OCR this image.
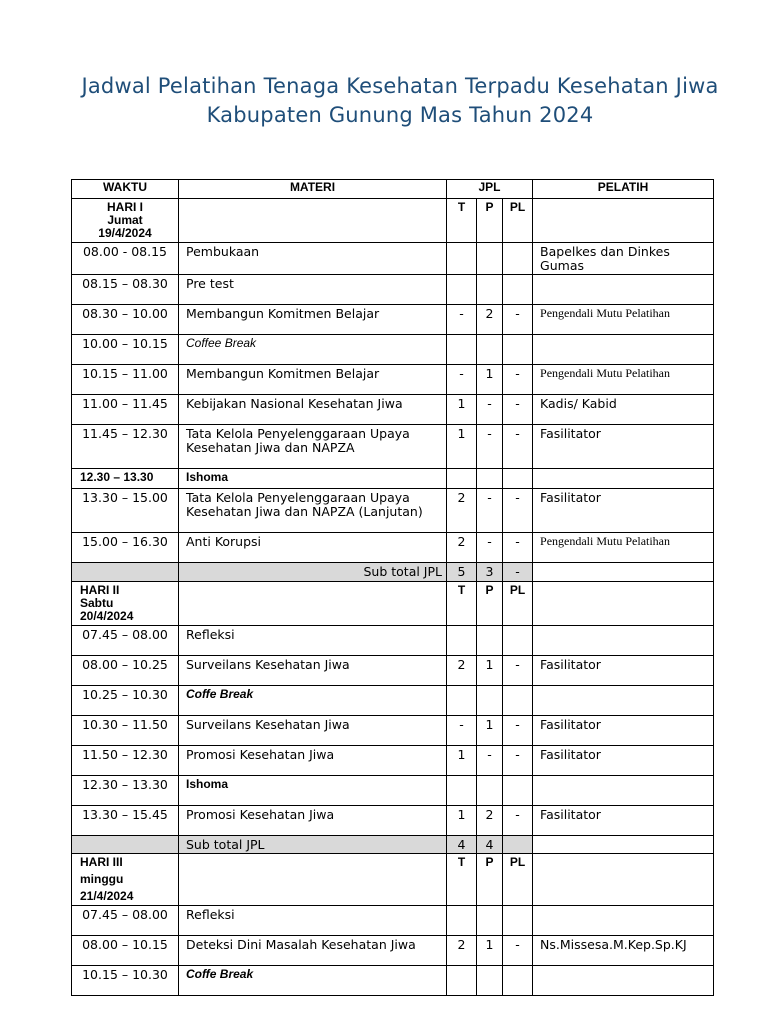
Jadwal Pelatihan Tenaga Kesehatan Terpadu Kesehatan Jiwa
Kabupaten Gunung Mas Tahun 2024
WAKTU	MATERI	JPL			PELATIH

HARI I
Jumat
19/4/2024		T	P	PL	
08.00 - 08.15	Pembukaan				Bapelkes dan Dinkes Gumas
08.15 – 08.30	Pre test				
08.30 – 10.00	Membangun Komitmen Belajar	-	2	-	Pengendali Mutu Pelatihan
10.00 – 10.15	Coffee Break				
10.15 – 11.00	Membangun Komitmen Belajar	-	1	-	Pengendali Mutu Pelatihan
11.00 – 11.45	Kebijakan Nasional Kesehatan Jiwa	1	-	-	Kadis/ Kabid
11.45 – 12.30	Tata Kelola Penyelenggaraan Upaya Kesehatan Jiwa dan NAPZA	1	-	-	Fasilitator
12.30 – 13.30	Ishoma				
13.30 – 15.00	Tata Kelola Penyelenggaraan Upaya Kesehatan Jiwa dan NAPZA (Lanjutan)	2	-	-	Fasilitator
15.00 – 16.30	Anti Korupsi	2	-	-	Pengendali Mutu Pelatihan
	Sub total JPL	5	3	-	

HARI II
Sabtu
20/4/2024		T	P	PL	
07.45 – 08.00	Refleksi				
08.00 – 10.25	Surveilans Kesehatan Jiwa	2	1	-	Fasilitator
10.25 – 10.30	Coffe Break				
10.30 – 11.50	Surveilans Kesehatan Jiwa	-	1	-	Fasilitator
11.50 – 12.30	Promosi Kesehatan Jiwa	1	-	-	Fasilitator
12.30 – 13.30	Ishoma				
13.30 – 15.45	Promosi Kesehatan Jiwa	1	2	-	Fasilitator
	Sub total JPL	4	4		

HARI III
minggu
21/4/2024		T	P	PL	
07.45 – 08.00	Refleksi				
08.00 – 10.15	Deteksi Dini Masalah Kesehatan Jiwa	2	1	-	Ns.Missesa.M.Kep.Sp.KJ
10.15 – 10.30	Coffe Break				
